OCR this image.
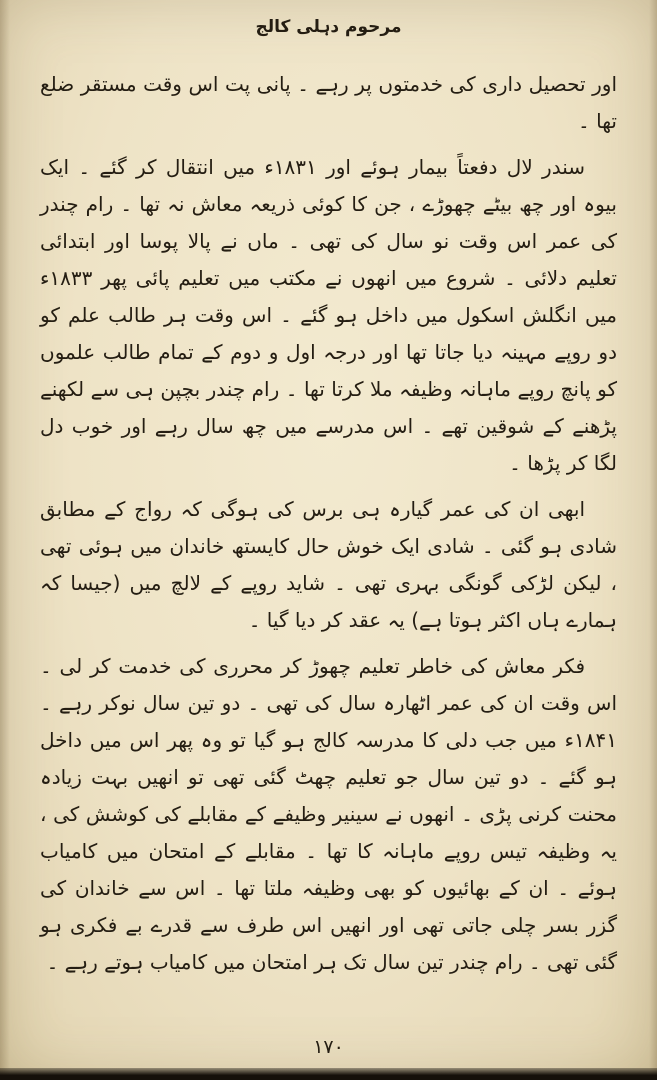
مرحوم دہلی کالج

اور تحصیل داری کی خدمتوں پر رہے ۔ پانی پت اس وقت مستقر ضلع تھا ۔

سندر لال دفعتاً بیمار ہوئے اور ۱۸۳۱ء میں انتقال کر گئے ۔ ایک بیوہ اور چھ بیٹے چھوڑے ، جن کا کوئی ذریعہ معاش نہ تھا ۔ رام چندر کی عمر اس وقت نو سال کی تھی ۔ ماں نے پالا پوسا اور ابتدائی تعلیم دلائی ۔ شروع میں انھوں نے مکتب میں تعلیم پائی پھر ۱۸۳۳ء میں انگلش اسکول میں داخل ہو گئے ۔ اس وقت ہر طالب علم کو دو روپے مہینہ دیا جاتا تھا اور درجہ اول و دوم کے تمام طالب علموں کو پانچ روپے ماہانہ وظیفہ ملا کرتا تھا ۔ رام چندر بچپن ہی سے لکھنے پڑھنے کے شوقین تھے ۔ اس مدرسے میں چھ سال رہے اور خوب دل لگا کر پڑھا ۔

ابھی ان کی عمر گیارہ ہی برس کی ہوگی کہ رواج کے مطابق شادی ہو گئی ۔ شادی ایک خوش حال کایستھ خاندان میں ہوئی تھی ، لیکن لڑکی گونگی بہری تھی ۔ شاید روپے کے لالچ میں (جیسا کہ ہمارے ہاں اکثر ہوتا ہے) یہ عقد کر دیا گیا ۔

فکر معاش کی خاطر تعلیم چھوڑ کر محرری کی خدمت کر لی ۔ اس وقت ان کی عمر اٹھارہ سال کی تھی ۔ دو تین سال نوکر رہے ۔ ۱۸۴۱ء میں جب دلی کا مدرسہ کالج ہو گیا تو وہ پھر اس میں داخل ہو گئے ۔ دو تین سال جو تعلیم چھٹ گئی تھی تو انھیں بہت زیادہ محنت کرنی پڑی ۔ انھوں نے سینیر وظیفے کے مقابلے کی کوشش کی ، یہ وظیفہ تیس روپے ماہانہ کا تھا ۔ مقابلے کے امتحان میں کامیاب ہوئے ۔ ان کے بھائیوں کو بھی وظیفہ ملتا تھا ۔ اس سے خاندان کی گزر بسر چلی جاتی تھی اور انھیں اس طرف سے قدرے بے فکری ہو گئی تھی ۔ رام چندر تین سال تک ہر امتحان میں کامیاب ہوتے رہے ۔

۱۷۰
